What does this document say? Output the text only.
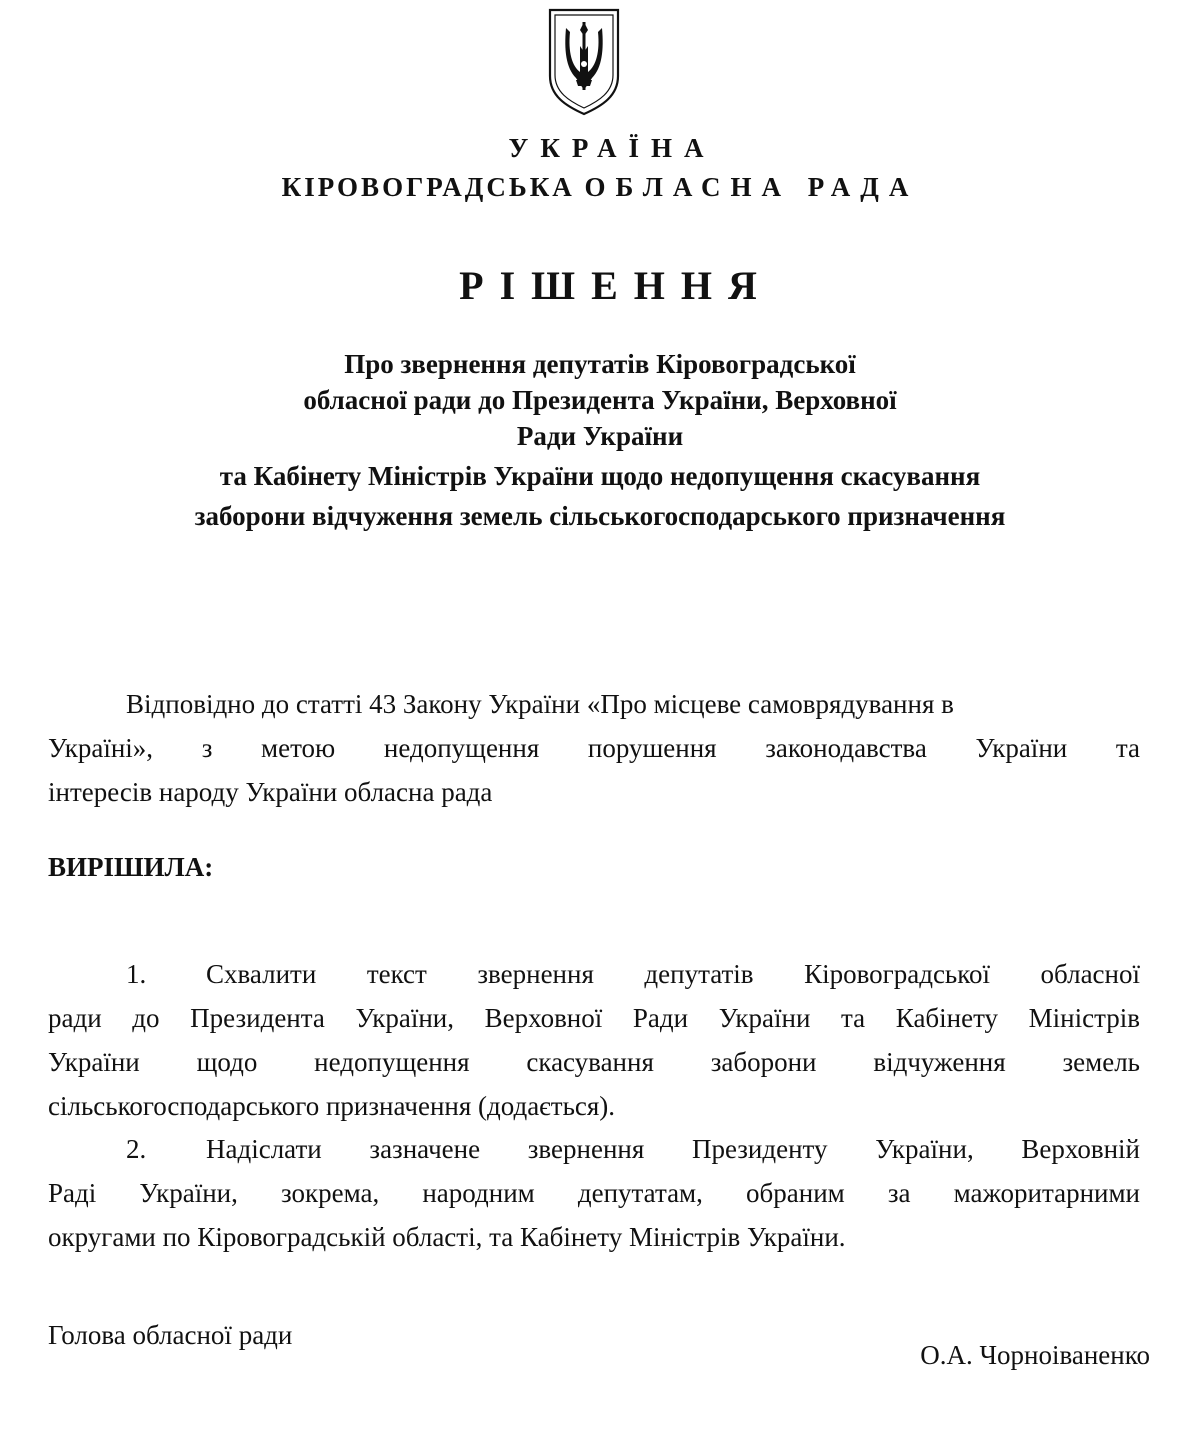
УКРАЇНА
КІРОВОГРАДСЬКА ОБЛАСНА РАДА
РІШЕННЯ
Про звернення депутатів Кіровоградської
обласної ради до Президента України, Верховної
Ради України
та Кабінету Міністрів України щодо недопущення скасування
заборони відчуження земель сільськогосподарського призначення
Відповідно до статті 43 Закону України «Про місцеве самоврядування в
Україні», з метою недопущення порушення законодавства України та
інтересів народу України обласна рада
ВИРІШИЛА:
1. Схвалити текст звернення депутатів Кіровоградської обласної
ради до Президента України, Верховної Ради України та Кабінету Міністрів
України щодо недопущення скасування заборони відчуження земель
сільськогосподарського призначення (додається).
2. Надіслати зазначене звернення Президенту України, Верховній
Раді України, зокрема, народним депутатам, обраним за мажоритарними
округами по Кіровоградській області, та Кабінету Міністрів України.
Голова обласної ради
О.А. Чорноіваненко
